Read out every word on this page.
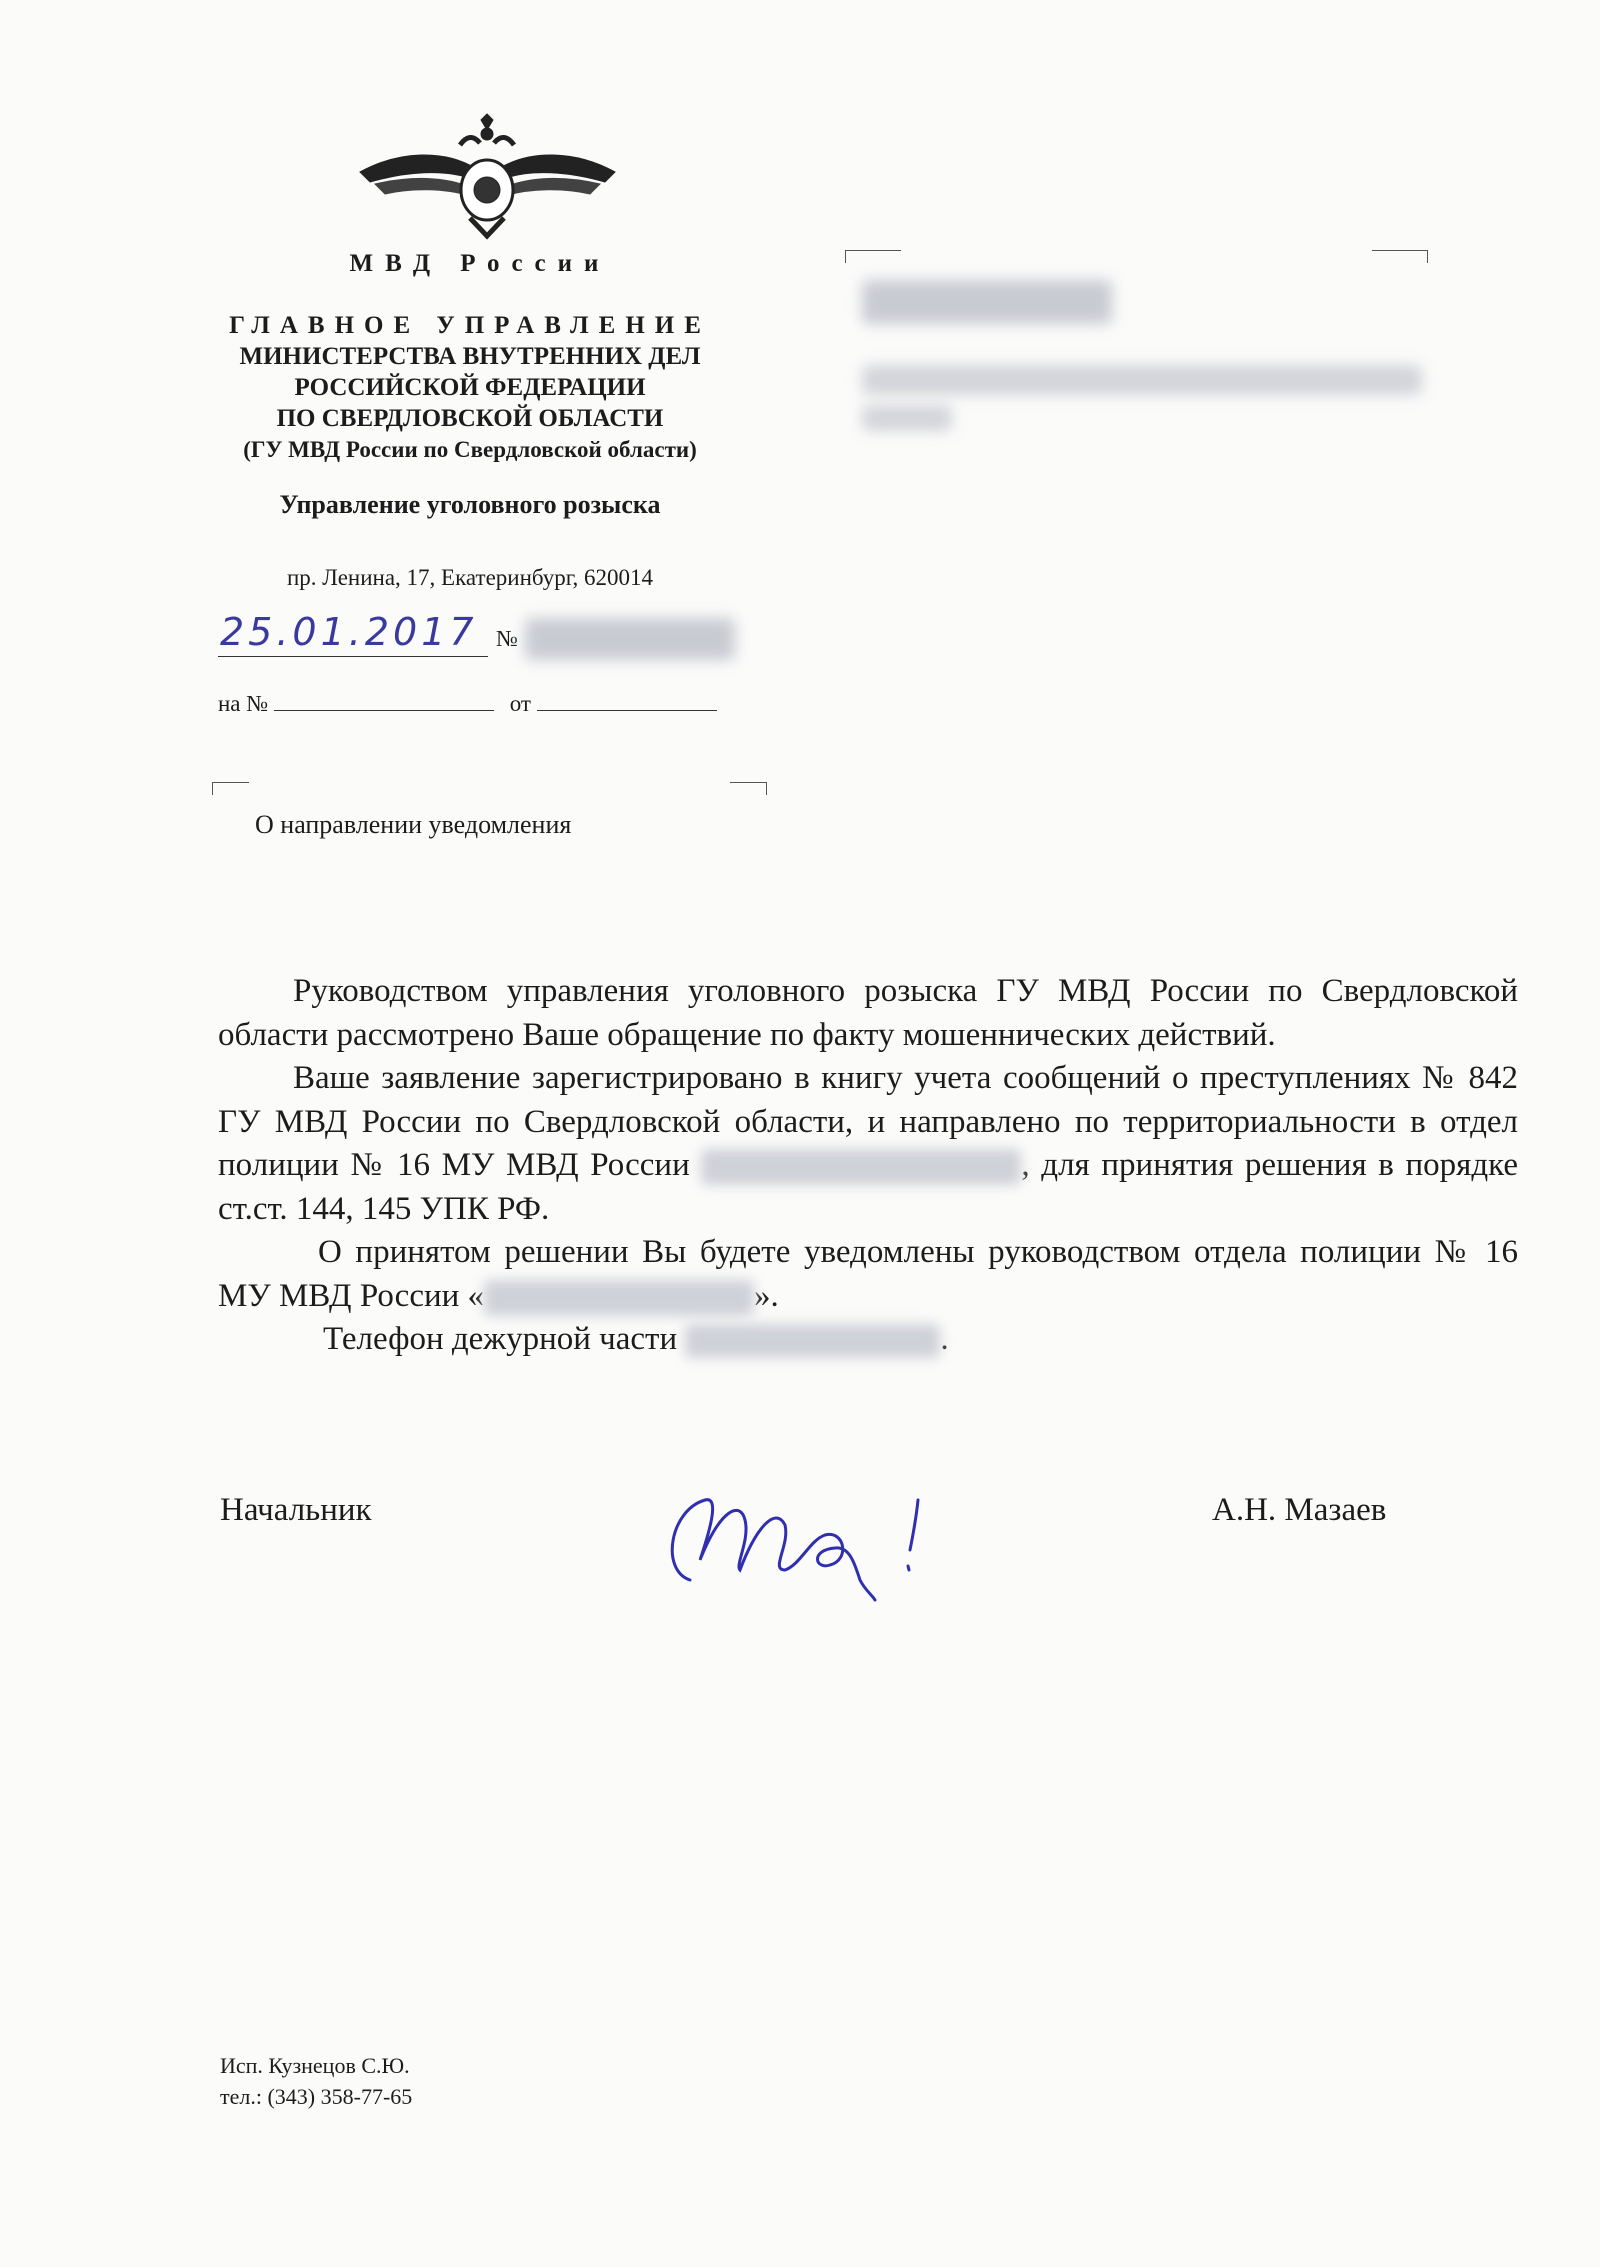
МВД России
ГЛАВНОЕ УПРАВЛЕНИЕ
МИНИСТЕРСТВА ВНУТРЕННИХ ДЕЛ
РОССИЙСКОЙ ФЕДЕРАЦИИ
ПО СВЕРДЛОВСКОЙ ОБЛАСТИ
(ГУ МВД России по Свердловской области)
Управление уголовного розыска
пр. Ленина, 17, Екатеринбург, 620014
25.01.2017 №
на №	от
О направлении уведомления

Руководством управления уголовного розыска ГУ МВД России по Свердловской области рассмотрено Ваше обращение по факту мошеннических действий.

Ваше заявление зарегистрировано в книгу учета сообщений о преступлениях № 842 ГУ МВД России по Свердловской области, и направлено по территориальности в отдел полиции № 16 МУ МВД России	, для принятия решения в порядке ст.ст. 144, 145 УПК РФ.

О принятом решении Вы будете уведомлены руководством отдела полиции № 16 МУ МВД России «	».

Телефон дежурной части	.

Начальник	А.Н. Мазаев
Исп. Кузнецов С.Ю.
тел.: (343) 358-77-65
